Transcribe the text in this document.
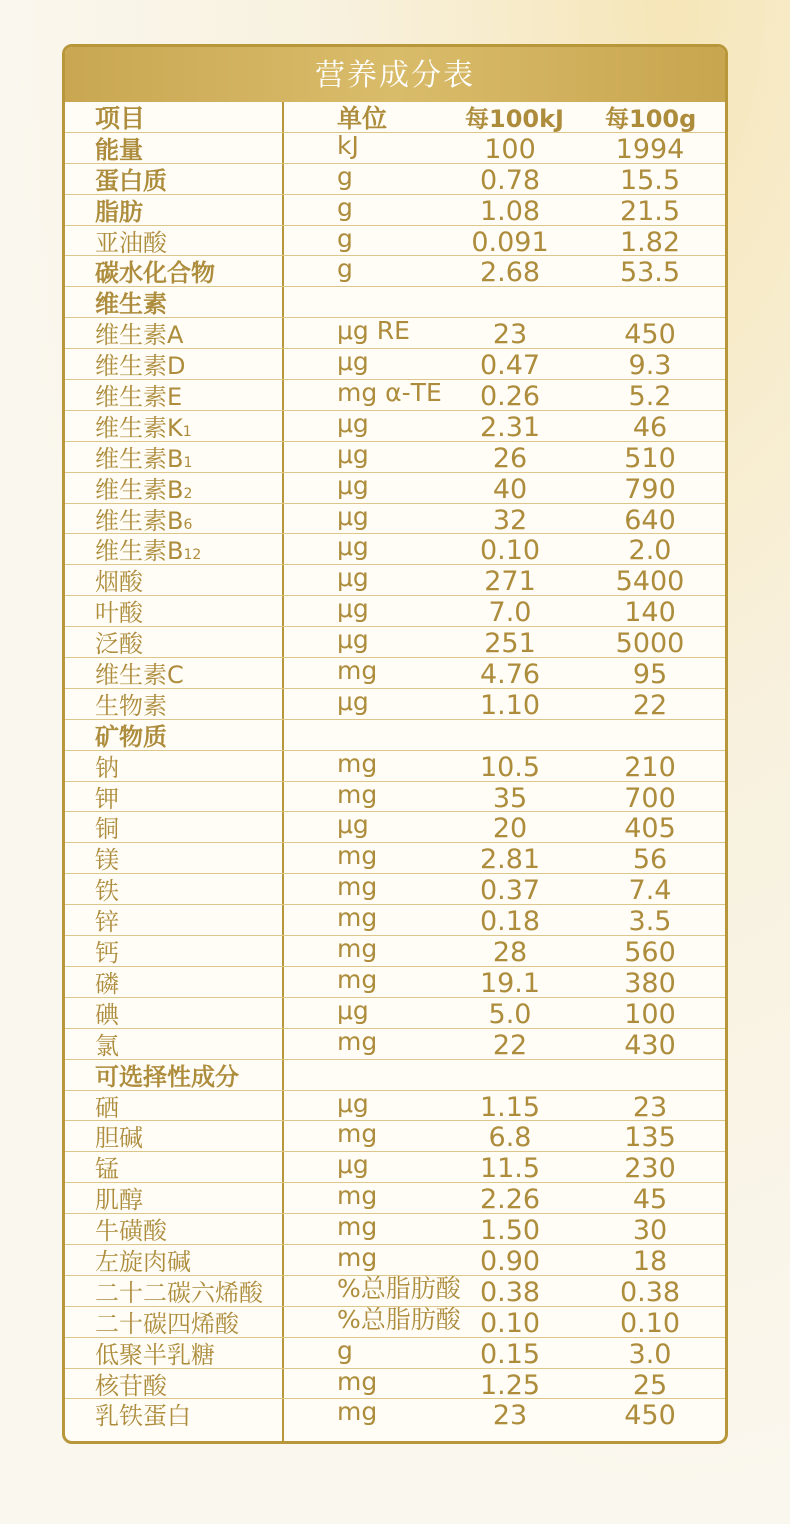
营养成分表
项目	单位	每100kJ 每100g
能量	kJ	100	1994
蛋白质	g	0.78	15.5
脂肪	g	1.08	21.5
亚油酸	g	0.091	1.82
碳水化合物	g	2.68	53.5
维生素
维生素A	μg RE	23	450
维生素D	μg	0.47	9.3
维生素E	mg α-TE	0.26	5.2
维生素K1	μg	2.31	46
维生素B1	μg	26	510
维生素B2	μg	40	790
维生素B6	μg	32	640
维生素B12	μg	0.10	2.0
烟酸	μg	271	5400
叶酸	μg	7.0	140
泛酸	μg	251	5000
维生素C	mg	4.76	95
生物素	μg	1.10	22
矿物质
钠	mg	10.5	210
钾	mg	35	700
铜	μg	20	405
镁	mg	2.81	56
铁	mg	0.37	7.4
锌	mg	0.18	3.5
钙	mg	28	560
磷	mg	19.1	380
碘	μg	5.0	100
氯	mg	22	430
可选择性成分
硒	μg	1.15	23
胆碱	mg	6.8	135
锰	μg	11.5	230
肌醇	mg	2.26	45
牛磺酸	mg	1.50	30
左旋肉碱	mg	0.90	18
二十二碳六烯酸	%总脂肪酸 0.38	0.38
二十碳四烯酸	%总脂肪酸 0.10	0.10
低聚半乳糖	g	0.15	3.0
核苷酸	mg	1.25	25
乳铁蛋白	mg	23	450
